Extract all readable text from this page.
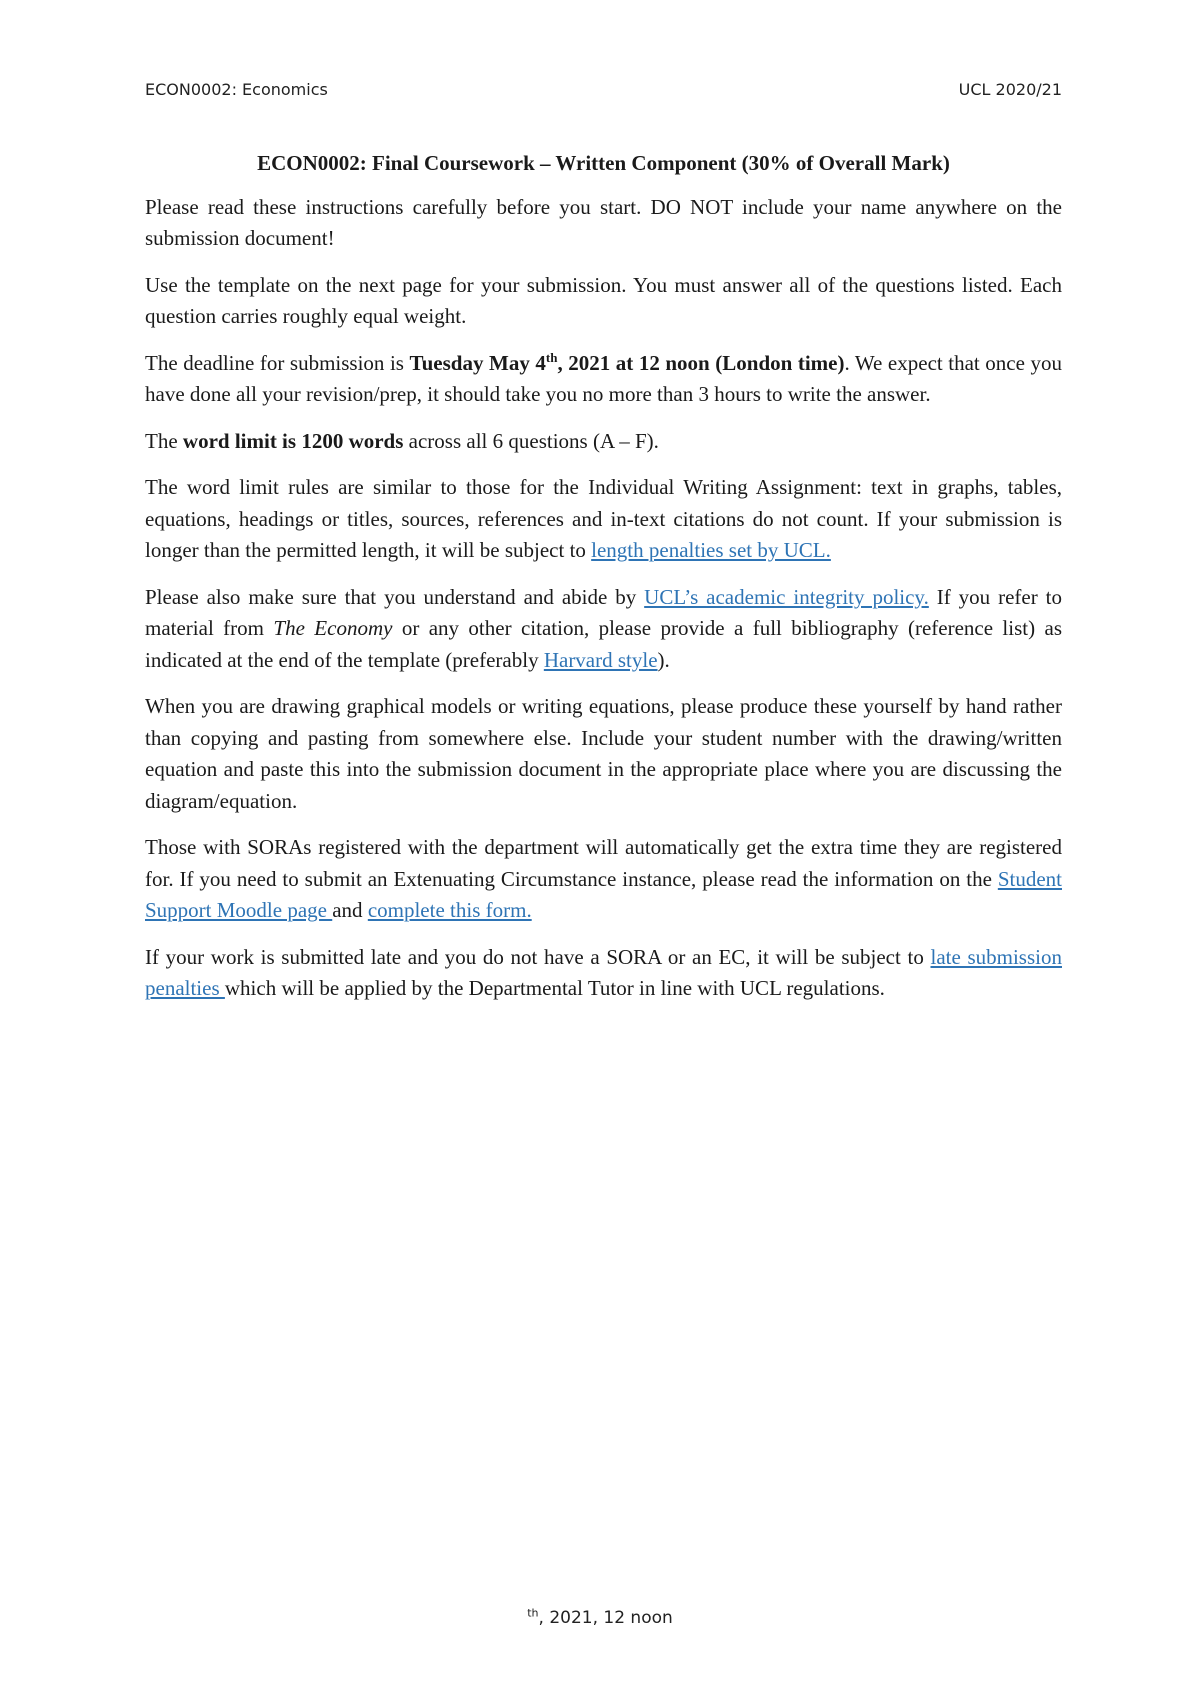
ECON0002: Economics	UCL 2020/21
ECON0002: Final Coursework – Written Component (30% of Overall Mark)

Please read these instructions carefully before you start. DO NOT include your name anywhere on the submission document!

Use the template on the next page for your submission. You must answer all of the questions listed. Each question carries roughly equal weight.

The deadline for submission is Tuesday May 4th, 2021 at 12 noon (London time). We expect that once you have done all your revision/prep, it should take you no more than 3 hours to write the answer.

The word limit is 1200 words across all 6 questions (A – F).

The word limit rules are similar to those for the Individual Writing Assignment: text in graphs, tables, equations, headings or titles, sources, references and in-text citations do not count. If your submission is longer than the permitted length, it will be subject to length penalties set by UCL.

Please also make sure that you understand and abide by UCL’s academic integrity policy. If you refer to material from The Economy or any other citation, please provide a full bibliography (reference list) as indicated at the end of the template (preferably Harvard style).

When you are drawing graphical models or writing equations, please produce these yourself by hand rather than copying and pasting from somewhere else. Include your student number with the drawing/written equation and paste this into the submission document in the appropriate place where you are discussing the diagram/equation.

Those with SORAs registered with the department will automatically get the extra time they are registered for. If you need to submit an Extenuating Circumstance instance, please read the information on the Student Support Moodle page and complete this form.

If your work is submitted late and you do not have a SORA or an EC, it will be subject to late submission penalties which will be applied by the Departmental Tutor in line with UCL regulations.

$^{th}$, 2021, 12 noon
